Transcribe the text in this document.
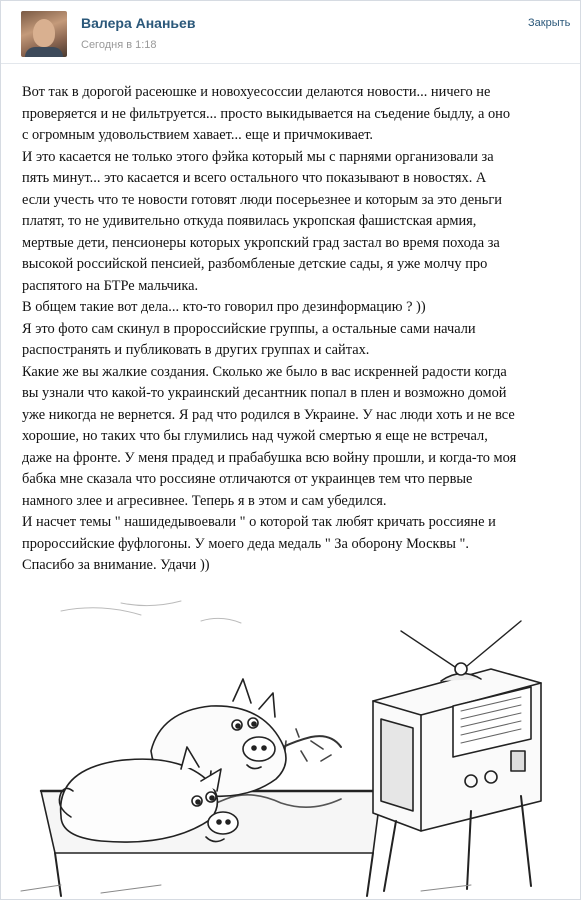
Валера Ананьев
Сегодня в 1:18
Закрыть

Вот так в дорогой расеюшке и новохуесоссии делаются новости... ничего не

проверяется и не фильтруется... просто выкидывается на съедение быдлу, а оно

с огромным удовольствием хавает... еще и причмокивает.

И это касается не только этого фэйка который мы с парнями организовали за

пять минут... это касается и всего остального что показывают в новостях. А

если учесть что те новости готовят люди посерьезнее и которым за это деньги

платят, то не удивительно откуда появилась укропская фашистская армия,

мертвые дети, пенсионеры которых укропский град застал во время похода за

высокой российской пенсией, разбомбленые детские сады, я уже молчу про

распятого на БТРе мальчика.

В общем такие вот дела... кто-то говорил про дезинформацию ? ))

Я это фото сам скинул в пророссийские группы, а остальные сами начали

распостранять и публиковать в других группах и сайтах.

Какие же вы жалкие создания. Сколько же было в вас искренней радости когда

вы узнали что какой-то украинский десантник попал в плен и возможно домой

уже никогда не вернется. Я рад что родился в Украине. У нас люди хоть и не все

хорошие, но таких что бы глумились над чужой смертью я еще не встречал,

даже на фронте. У меня прадед и прабабушка всю войну прошли, и когда-то моя

бабка мне сказала что россияне отличаются от украинцев тем что первые

намного злее и агресивнее. Теперь я в этом и сам убедился.

И насчет темы " нашидедывоевали " о которой так любят кричать россияне и

пророссийские фуфлогоны. У моего деда медаль " За оборону Москвы ".

Спасибо за внимание. Удачи ))
